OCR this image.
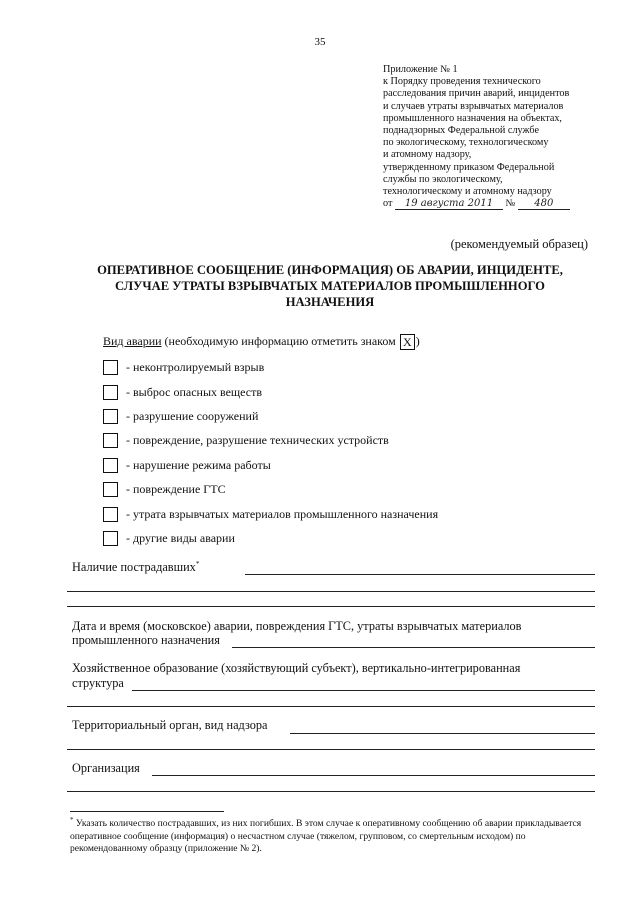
35
Приложение № 1
к Порядку проведения технического
расследования причин аварий, инцидентов
и случаев утраты взрывчатых материалов
промышленного назначения на объектах,
поднадзорных Федеральной службе
по экологическому, технологическому
и атомному надзору,
утвержденному приказом Федеральной
службы по экологическому,
технологическому и атомному надзору
от 19 августа 2011 № 480
(рекомендуемый образец)
ОПЕРАТИВНОЕ СООБЩЕНИЕ (ИНФОРМАЦИЯ) ОБ АВАРИИ, ИНЦИДЕНТЕ,
СЛУЧАЕ УТРАТЫ ВЗРЫВЧАТЫХ МАТЕРИАЛОВ ПРОМЫШЛЕННОГО
НАЗНАЧЕНИЯ
Вид аварии (необходимую информацию отметить знаком X )
- неконтролируемый взрыв
- выброс опасных веществ
- разрушение сооружений
- повреждение, разрушение технических устройств
- нарушение режима работы
- повреждение ГТС
- утрата взрывчатых материалов промышленного назначения
- другие виды аварии
Наличие пострадавших*
Дата и время (московское) аварии, повреждения ГТС, утраты взрывчатых материалов
промышленного назначения
Хозяйственное образование (хозяйствующий субъект), вертикально-интегрированная
структура
Территориальный орган, вид надзора
Организация
* Указать количество пострадавших, из них погибших. В этом случае к оперативному сообщению об аварии прикладывается оперативное сообщение (информация) о несчастном случае (тяжелом, групповом, со смертельным исходом) по рекомендованному образцу (приложение № 2).
